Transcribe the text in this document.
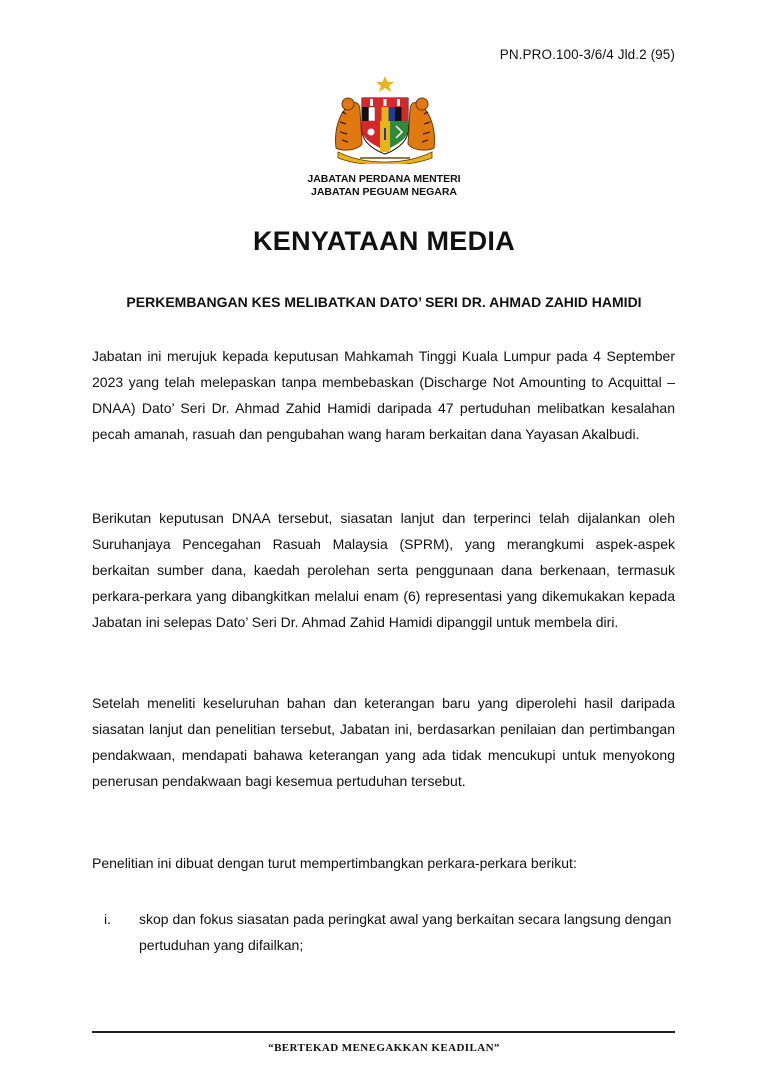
PN.PRO.100-3/6/4 Jld.2 (95)
JABATAN PERDANA MENTERI
JABATAN PEGUAM NEGARA
KENYATAAN MEDIA
PERKEMBANGAN KES MELIBATKAN DATO’ SERI DR. AHMAD ZAHID HAMIDI

Jabatan ini merujuk kepada keputusan Mahkamah Tinggi Kuala Lumpur pada 4 September 2023 yang telah melepaskan tanpa membebaskan (Discharge Not Amounting to Acquittal – DNAA) Dato’ Seri Dr. Ahmad Zahid Hamidi daripada 47 pertuduhan melibatkan kesalahan pecah amanah, rasuah dan pengubahan wang haram berkaitan dana Yayasan Akalbudi.

Berikutan keputusan DNAA tersebut, siasatan lanjut dan terperinci telah dijalankan oleh Suruhanjaya Pencegahan Rasuah Malaysia (SPRM), yang merangkumi aspek-aspek berkaitan sumber dana, kaedah perolehan serta penggunaan dana berkenaan, termasuk perkara-perkara yang dibangkitkan melalui enam (6) representasi yang dikemukakan kepada Jabatan ini selepas Dato’ Seri Dr. Ahmad Zahid Hamidi dipanggil untuk membela diri.

Setelah meneliti keseluruhan bahan dan keterangan baru yang diperolehi hasil daripada siasatan lanjut dan penelitian tersebut, Jabatan ini, berdasarkan penilaian dan pertimbangan pendakwaan, mendapati bahawa keterangan yang ada tidak mencukupi untuk menyokong penerusan pendakwaan bagi kesemua pertuduhan tersebut.

Penelitian ini dibuat dengan turut mempertimbangkan perkara-perkara berikut:

i. skop dan fokus siasatan pada peringkat awal yang berkaitan secara langsung dengan pertuduhan yang difailkan;
“BERTEKAD MENEGAKKAN KEADILAN”
